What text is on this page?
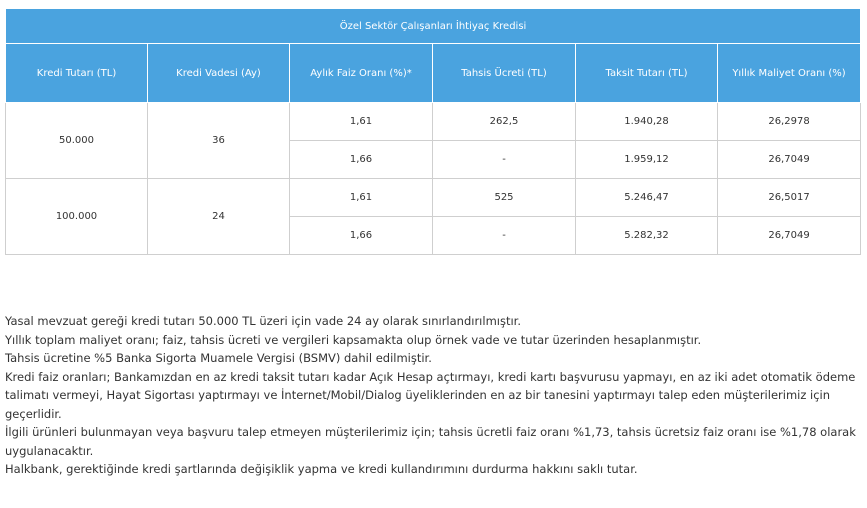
Özel Sektör Çalışanları İhtiyaç Kredisi					
Kredi Tutarı (TL)	Kredi Vadesi (Ay)	Aylık Faiz Oranı (%)*	Tahsis Ücreti (TL)	Taksit Tutarı (TL)	Yıllık Maliyet Oranı (%)
50.000	36	1,61	262,5	1.940,28	26,2978
		1,66	-	1.959,12	26,7049
100.000	24	1,61	525	5.246,47	26,5017
		1,66	-	5.282,32	26,7049

Yasal mevzuat gereği kredi tutarı 50.000 TL üzeri için vade 24 ay olarak sınırlandırılmıştır.

Yıllık toplam maliyet oranı; faiz, tahsis ücreti ve vergileri kapsamakta olup örnek vade ve tutar üzerinden hesaplanmıştır.

Tahsis ücretine %5 Banka Sigorta Muamele Vergisi (BSMV) dahil edilmiştir.

Kredi faiz oranları; Bankamızdan en az kredi taksit tutarı kadar Açık Hesap açtırmayı, kredi kartı başvurusu yapmayı, en az iki adet otomatik ödeme talimatı vermeyi, Hayat Sigortası yaptırmayı ve İnternet/Mobil/Dialog üyeliklerinden en az bir tanesini yaptırmayı talep eden müşterilerimiz için geçerlidir.

İlgili ürünleri bulunmayan veya başvuru talep etmeyen müşterilerimiz için; tahsis ücretli faiz oranı %1,73, tahsis ücretsiz faiz oranı ise %1,78 olarak uygulanacaktır.

Halkbank, gerektiğinde kredi şartlarında değişiklik yapma ve kredi kullandırımını durdurma hakkını saklı tutar.
